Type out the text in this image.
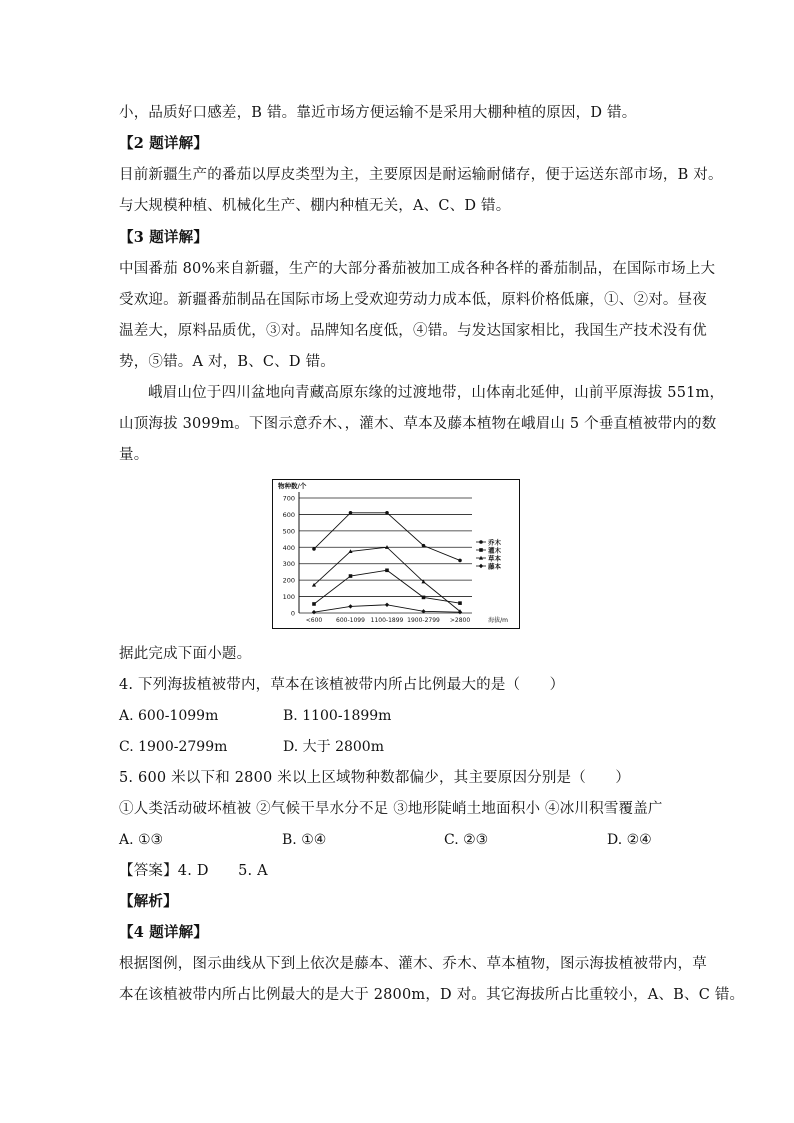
小，品质好口感差，B 错。靠近市场方便运输不是采用大棚种植的原因，D 错。
【2 题详解】
目前新疆生产的番茄以厚皮类型为主，主要原因是耐运输耐储存，便于运送东部市场，B 对。
与大规模种植、机械化生产、棚内种植无关，A、C、D 错。
【3 题详解】
中国番茄 80%来自新疆，生产的大部分番茄被加工成各种各样的番茄制品，在国际市场上大
受欢迎。新疆番茄制品在国际市场上受欢迎劳动力成本低，原料价格低廉，①、②对。昼夜
温差大，原料品质优，③对。品牌知名度低，④错。与发达国家相比，我国生产技术没有优
势，⑤错。A 对，B、C、D 错。
峨眉山位于四川盆地向青藏高原东缘的过渡地带，山体南北延伸，山前平原海拔 551m，
山顶海拔 3099m。下图示意乔木、，灌木、草本及藤本植物在峨眉山 5 个垂直植被带内的数
量。
0
100
200
300
400
500
600
700
物种数/个
<600 600-1099 1100-1899 1900-2799 >2800	海拔/m
乔木
灌木
草本
藤本
据此完成下面小题。
4. 下列海拔植被带内，草本在该植被带内所占比例最大的是（　　）
A. 600-1099m	B. 1100-1899m
C. 1900-2799m	D. 大于 2800m
5. 600 米以下和 2800 米以上区域物种数都偏少，其主要原因分别是（　　）
①人类活动破坏植被 ②气候干旱水分不足 ③地形陡峭土地面积小 ④冰川积雪覆盖广
A. ①③	B. ①④	C. ②③	D. ②④
【答案】4. D　　5. A
【解析】
【4 题详解】
根据图例，图示曲线从下到上依次是藤本、灌木、乔木、草本植物，图示海拔植被带内，草
本在该植被带内所占比例最大的是大于 2800m，D 对。其它海拔所占比重较小，A、B、C 错。
